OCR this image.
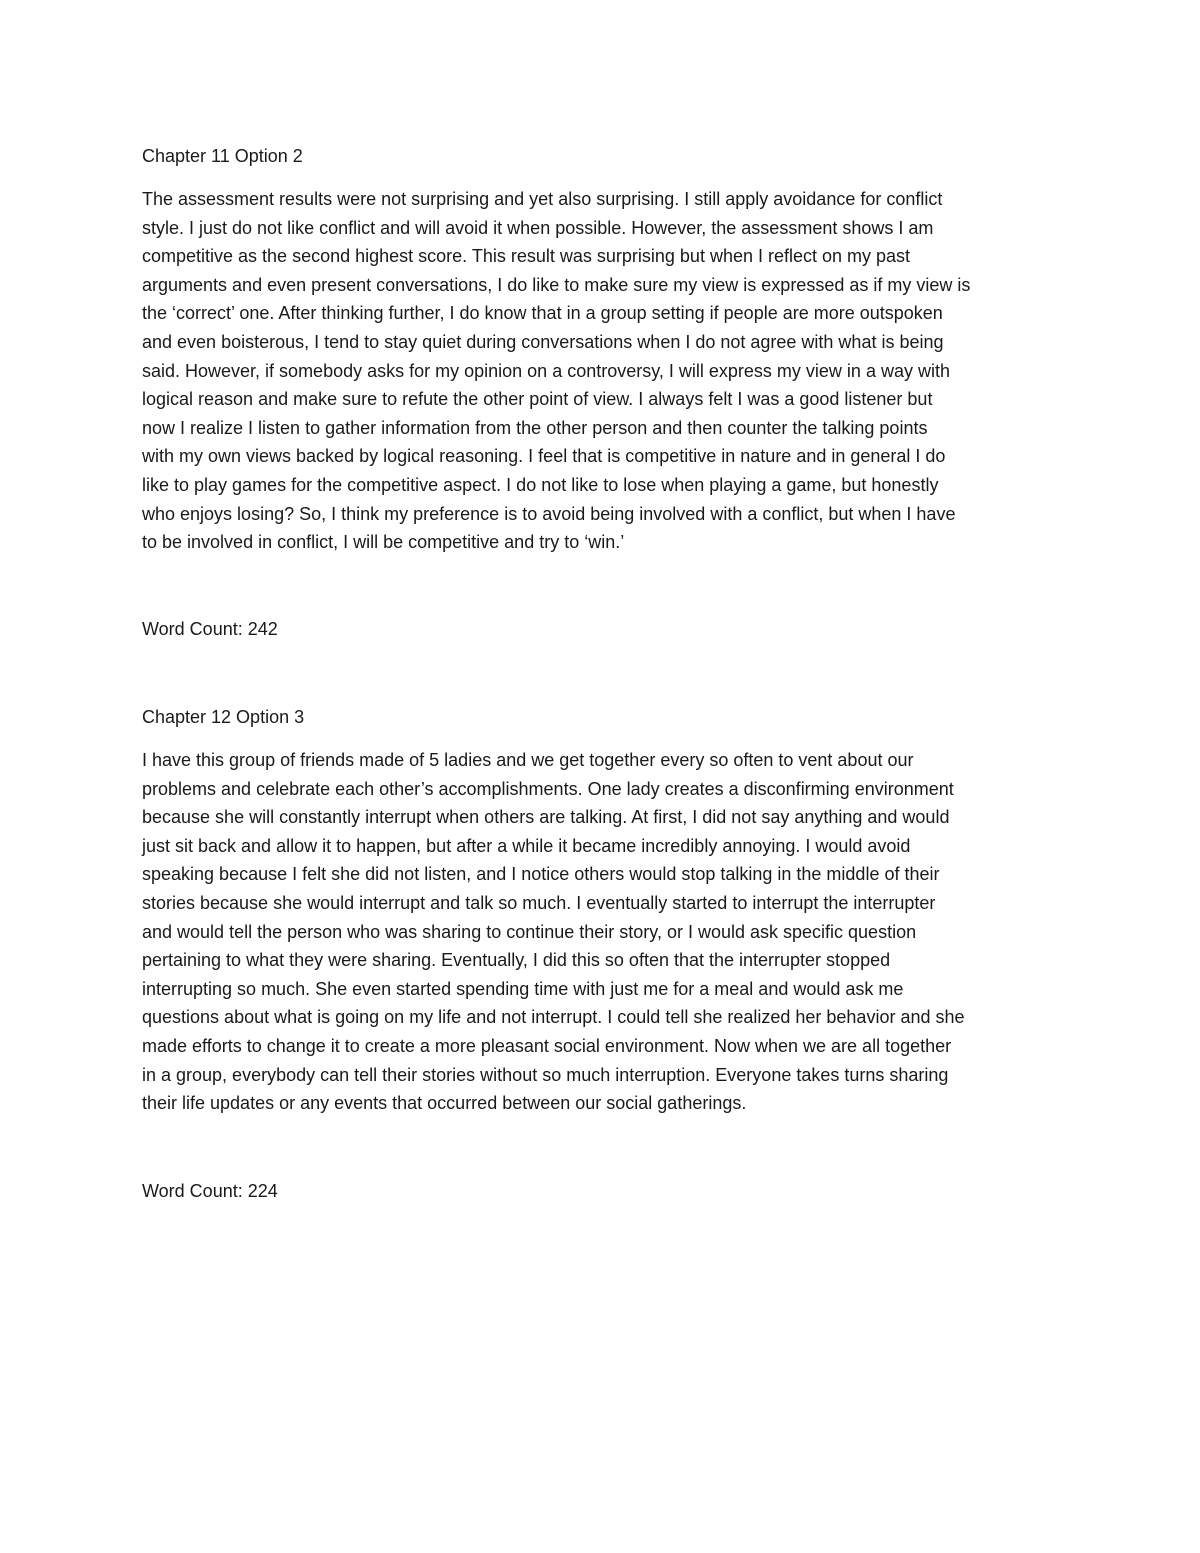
Chapter 11 Option 2
The assessment results were not surprising and yet also surprising. I still apply avoidance for conflict
style. I just do not like conflict and will avoid it when possible. However, the assessment shows I am
competitive as the second highest score. This result was surprising but when I reflect on my past
arguments and even present conversations, I do like to make sure my view is expressed as if my view is
the ‘correct’ one. After thinking further, I do know that in a group setting if people are more outspoken
and even boisterous, I tend to stay quiet during conversations when I do not agree with what is being
said. However, if somebody asks for my opinion on a controversy, I will express my view in a way with
logical reason and make sure to refute the other point of view. I always felt I was a good listener but
now I realize I listen to gather information from the other person and then counter the talking points
with my own views backed by logical reasoning. I feel that is competitive in nature and in general I do
like to play games for the competitive aspect. I do not like to lose when playing a game, but honestly
who enjoys losing? So, I think my preference is to avoid being involved with a conflict, but when I have
to be involved in conflict, I will be competitive and try to ‘win.’

Word Count: 242

Chapter 12 Option 3
I have this group of friends made of 5 ladies and we get together every so often to vent about our
problems and celebrate each other’s accomplishments. One lady creates a disconfirming environment
because she will constantly interrupt when others are talking. At first, I did not say anything and would
just sit back and allow it to happen, but after a while it became incredibly annoying. I would avoid
speaking because I felt she did not listen, and I notice others would stop talking in the middle of their
stories because she would interrupt and talk so much. I eventually started to interrupt the interrupter
and would tell the person who was sharing to continue their story, or I would ask specific question
pertaining to what they were sharing. Eventually, I did this so often that the interrupter stopped
interrupting so much. She even started spending time with just me for a meal and would ask me
questions about what is going on my life and not interrupt. I could tell she realized her behavior and she
made efforts to change it to create a more pleasant social environment. Now when we are all together
in a group, everybody can tell their stories without so much interruption. Everyone takes turns sharing
their life updates or any events that occurred between our social gatherings.

Word Count: 224
